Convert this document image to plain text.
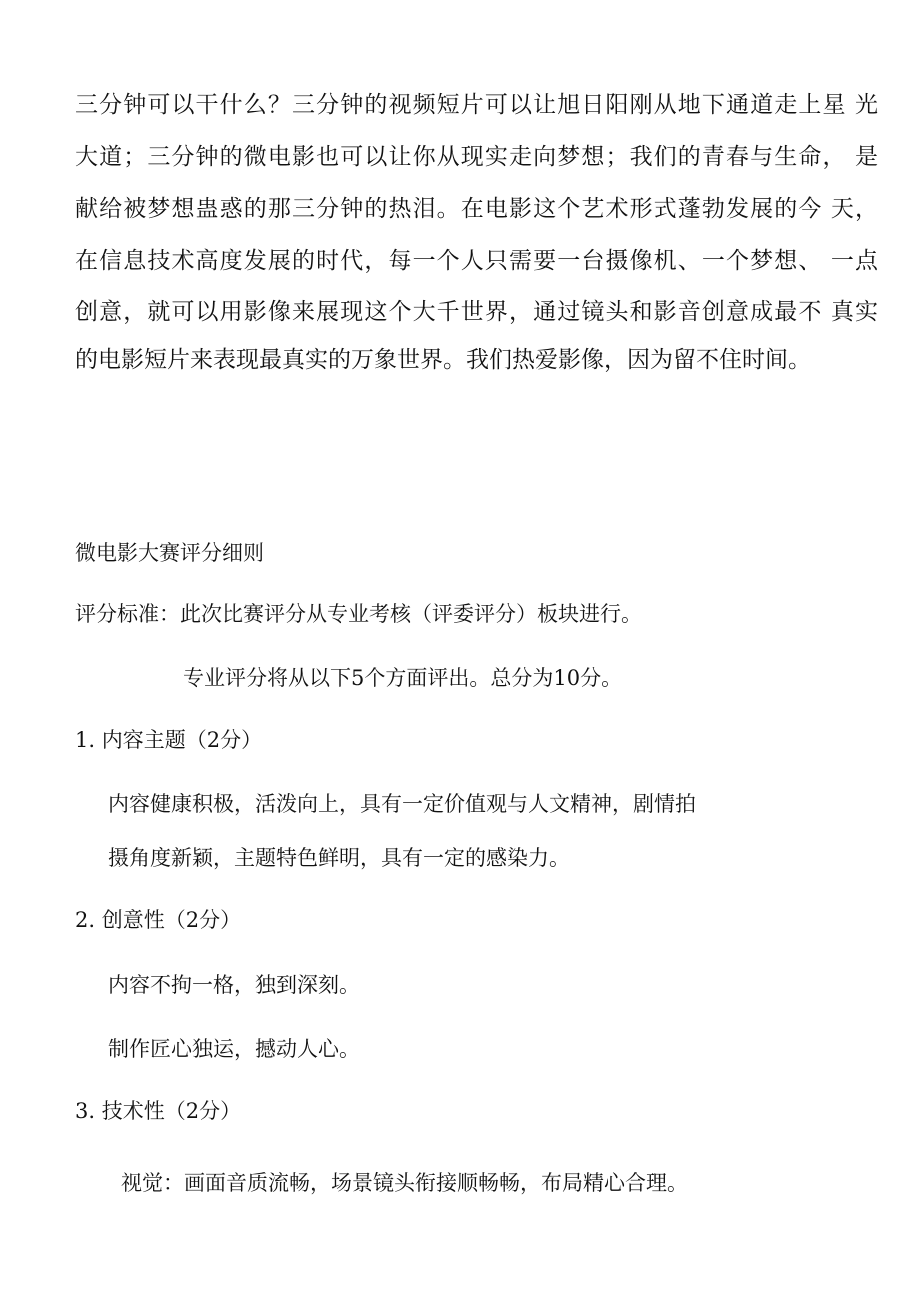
三分钟可以干什么？三分钟的视频短片可以让旭日阳刚从地下通道走上星 光
大道；三分钟的微电影也可以让你从现实走向梦想；我们的青春与生命， 是
献给被梦想蛊惑的那三分钟的热泪。在电影这个艺术形式蓬勃发展的今 天，
在信息技术高度发展的时代，每一个人只需要一台摄像机、一个梦想、 一点
创意，就可以用影像来展现这个大千世界，通过镜头和影音创意成最不 真实
的电影短片来表现最真实的万象世界。我们热爱影像，因为留不住时间。
微电影大赛评分细则
评分标准：此次比赛评分从专业考核（评委评分）板块进行。
专业评分将从以下5个方面评出。总分为10分。
1. 内容主题（2分）
内容健康积极，活泼向上，具有一定价值观与人文精神，剧情拍
摄角度新颖，主题特色鲜明，具有一定的感染力。
2. 创意性（2分）
内容不拘一格，独到深刻。
制作匠心独运，撼动人心。
3. 技术性（2分）
视觉：画面音质流畅，场景镜头衔接顺畅畅，布局精心合理。
